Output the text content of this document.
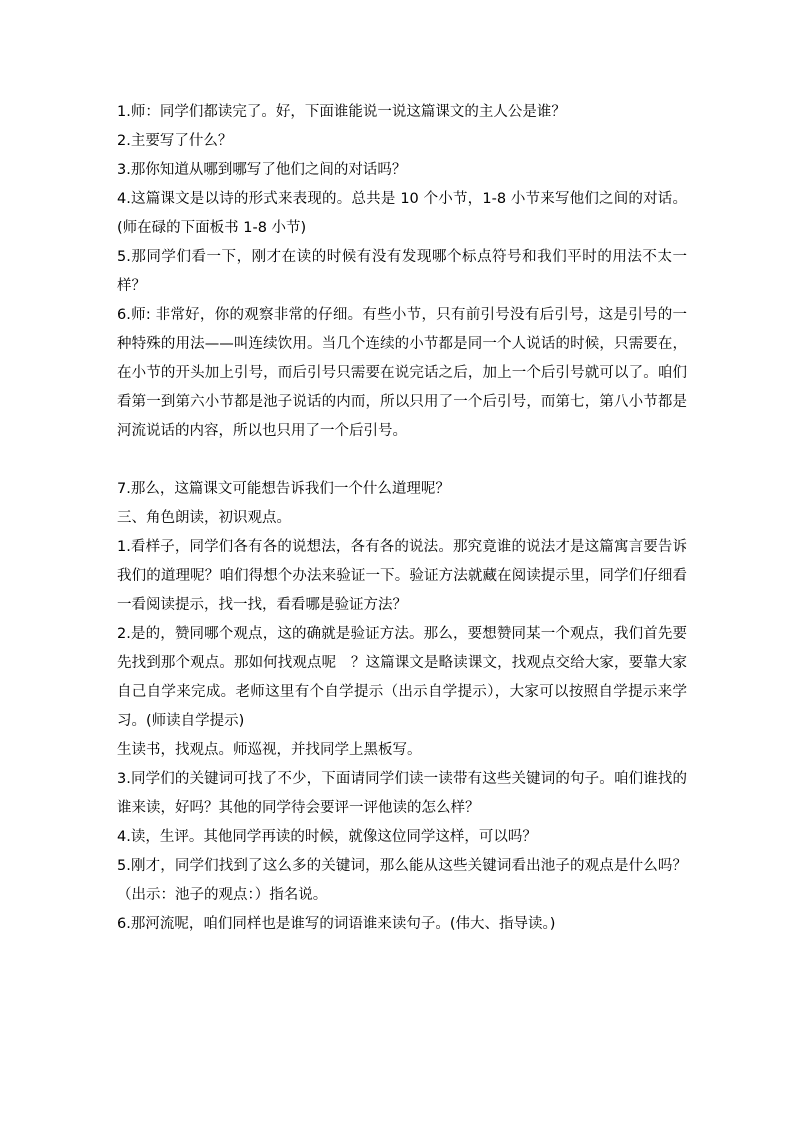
1.师：同学们都读完了。好，下面谁能说一说这篇课文的主人公是谁？

2.主要写了什么？

3.那你知道从哪到哪写了他们之间的对话吗？

4.这篇课文是以诗的形式来表现的。总共是 10 个小节，1-8 小节来写他们之间的对话。(师在碌的下面板书 1-8 小节)

5.那同学们看一下，刚才在读的时候有没有发现哪个标点符号和我们平时的用法不太一样？

6.师: 非常好，你的观察非常的仔细。有些小节，只有前引号没有后引号，这是引号的一种特殊的用法——叫连续饮用。当几个连续的小节都是同一个人说话的时候，只需要在，在小节的开头加上引号，而后引号只需要在说完话之后，加上一个后引号就可以了。咱们看第一到第六小节都是池子说话的内而，所以只用了一个后引号，而第七，第八小节都是河流说话的内容，所以也只用了一个后引号。

7.那么，这篇课文可能想告诉我们一个什么道理呢？

三、角色朗读，初识观点。

1.看样子，同学们各有各的说想法，各有各的说法。那究竟谁的说法才是这篇寓言要告诉我们的道理呢？咱们得想个办法来验证一下。验证方法就藏在阅读提示里，同学们仔细看一看阅读提示，找一找，看看哪是验证方法？

2.是的，赞同哪个观点，这的确就是验证方法。那么，要想赞同某一个观点，我们首先要先找到那个观点。那如何找观点呢　？这篇课文是略读课文，找观点交给大家，要靠大家自己自学来完成。老师这里有个自学提示（出示自学提示），大家可以按照自学提示来学习。(师读自学提示)

生读书，找观点。师巡视，并找同学上黑板写。

3.同学们的关键词可找了不少，下面请同学们读一读带有这些关键词的句子。咱们谁找的谁来读，好吗？其他的同学待会要评一评他读的怎么样？

4.读，生评。其他同学再读的时候，就像这位同学这样，可以吗？

5.刚才，同学们找到了这么多的关键词，那么能从这些关键词看出池子的观点是什么吗？（出示：池子的观点：）指名说。

6.那河流呢，咱们同样也是谁写的词语谁来读句子。(伟大、指导读。)
